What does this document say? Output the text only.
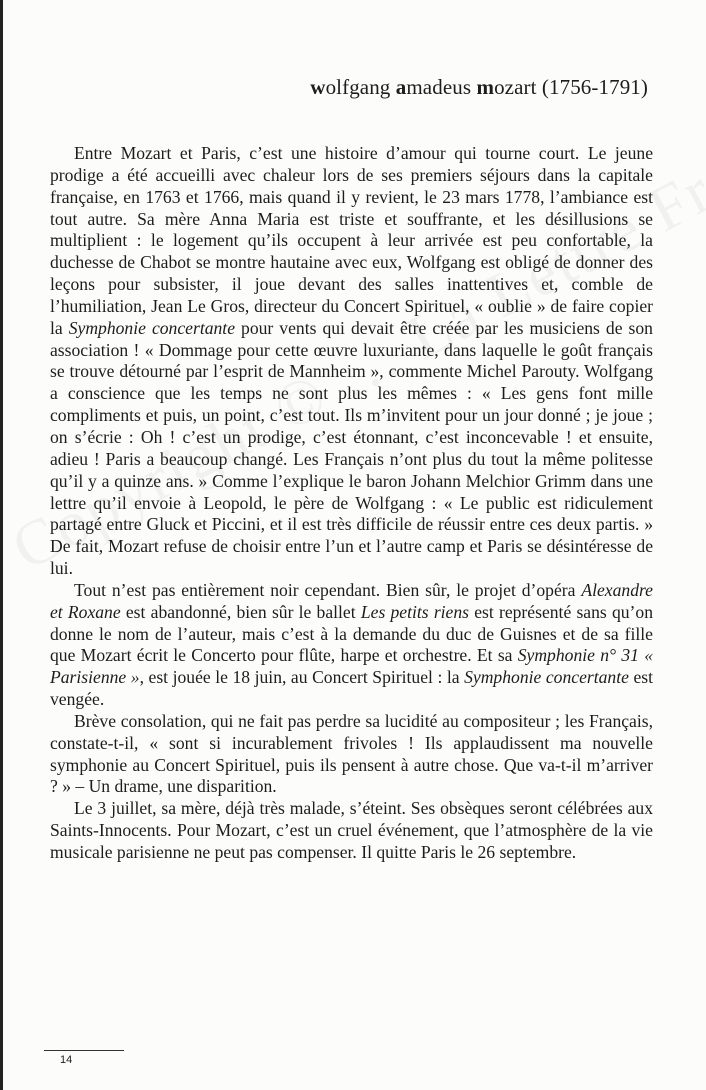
wolfgang amadeus mozart (1756-1791)

Entre Mozart et Paris, c’est une histoire d’amour qui tourne court. Le jeune prodige a été accueilli avec chaleur lors de ses premiers séjours dans la capitale française, en 1763 et 1766, mais quand il y revient, le 23 mars 1778, l’ambiance est tout autre. Sa mère Anna Maria est triste et souffrante, et les désillusions se multiplient : le logement qu’ils occupent à leur arrivée est peu confortable, la duchesse de Chabot se montre hautaine avec eux, Wolfgang est obligé de donner des leçons pour subsister, il joue devant des salles inattentives et, comble de l’humiliation, Jean Le Gros, directeur du Concert Spirituel, « oublie » de faire copier la Symphonie concertante pour vents qui devait être créée par les musiciens de son association ! « Dommage pour cette œuvre luxuriante, dans laquelle le goût français se trouve détourné par l’esprit de Mannheim », commente Michel Parouty. Wolfgang a conscience que les temps ne sont plus les mêmes : « Les gens font mille compliments et puis, un point, c’est tout. Ils m’invitent pour un jour donné ; je joue ; on s’écrie : Oh ! c’est un prodige, c’est étonnant, c’est inconcevable ! et ensuite, adieu ! Paris a beaucoup changé. Les Français n’ont plus du tout la même politesse qu’il y a quinze ans. » Comme l’explique le baron Johann Melchior Grimm dans une lettre qu’il envoie à Leopold, le père de Wolfgang : « Le public est ridiculement partagé entre Gluck et Piccini, et il est très difficile de réussir entre ces deux partis. » De fait, Mozart refuse de choisir entre l’un et l’autre camp et Paris se désintéresse de lui.

Tout n’est pas entièrement noir cependant. Bien sûr, le projet d’opéra Alexandre et Roxane est abandonné, bien sûr le ballet Les petits riens est représenté sans qu’on donne le nom de l’auteur, mais c’est à la demande du duc de Guisnes et de sa fille que Mozart écrit le Concerto pour flûte, harpe et orchestre. Et sa Symphonie n° 31 « Parisienne », est jouée le 18 juin, au Concert Spirituel : la Symphonie concertante est vengée.

Brève consolation, qui ne fait pas perdre sa lucidité au compositeur ; les Français, constate-t-il, « sont si incurablement frivoles ! Ils applaudissent ma nouvelle symphonie au Concert Spirituel, puis ils pensent à autre chose. Que va-t-il m’arriver ? » – Un drame, une disparition.

Le 3 juillet, sa mère, déjà très malade, s’éteint. Ses obsèques seront célébrées aux Saints-Innocents. Pour Mozart, c’est un cruel événement, que l’atmosphère de la vie musicale parisienne ne peut pas compenser. Il quitte Paris le 26 septembre.

14
